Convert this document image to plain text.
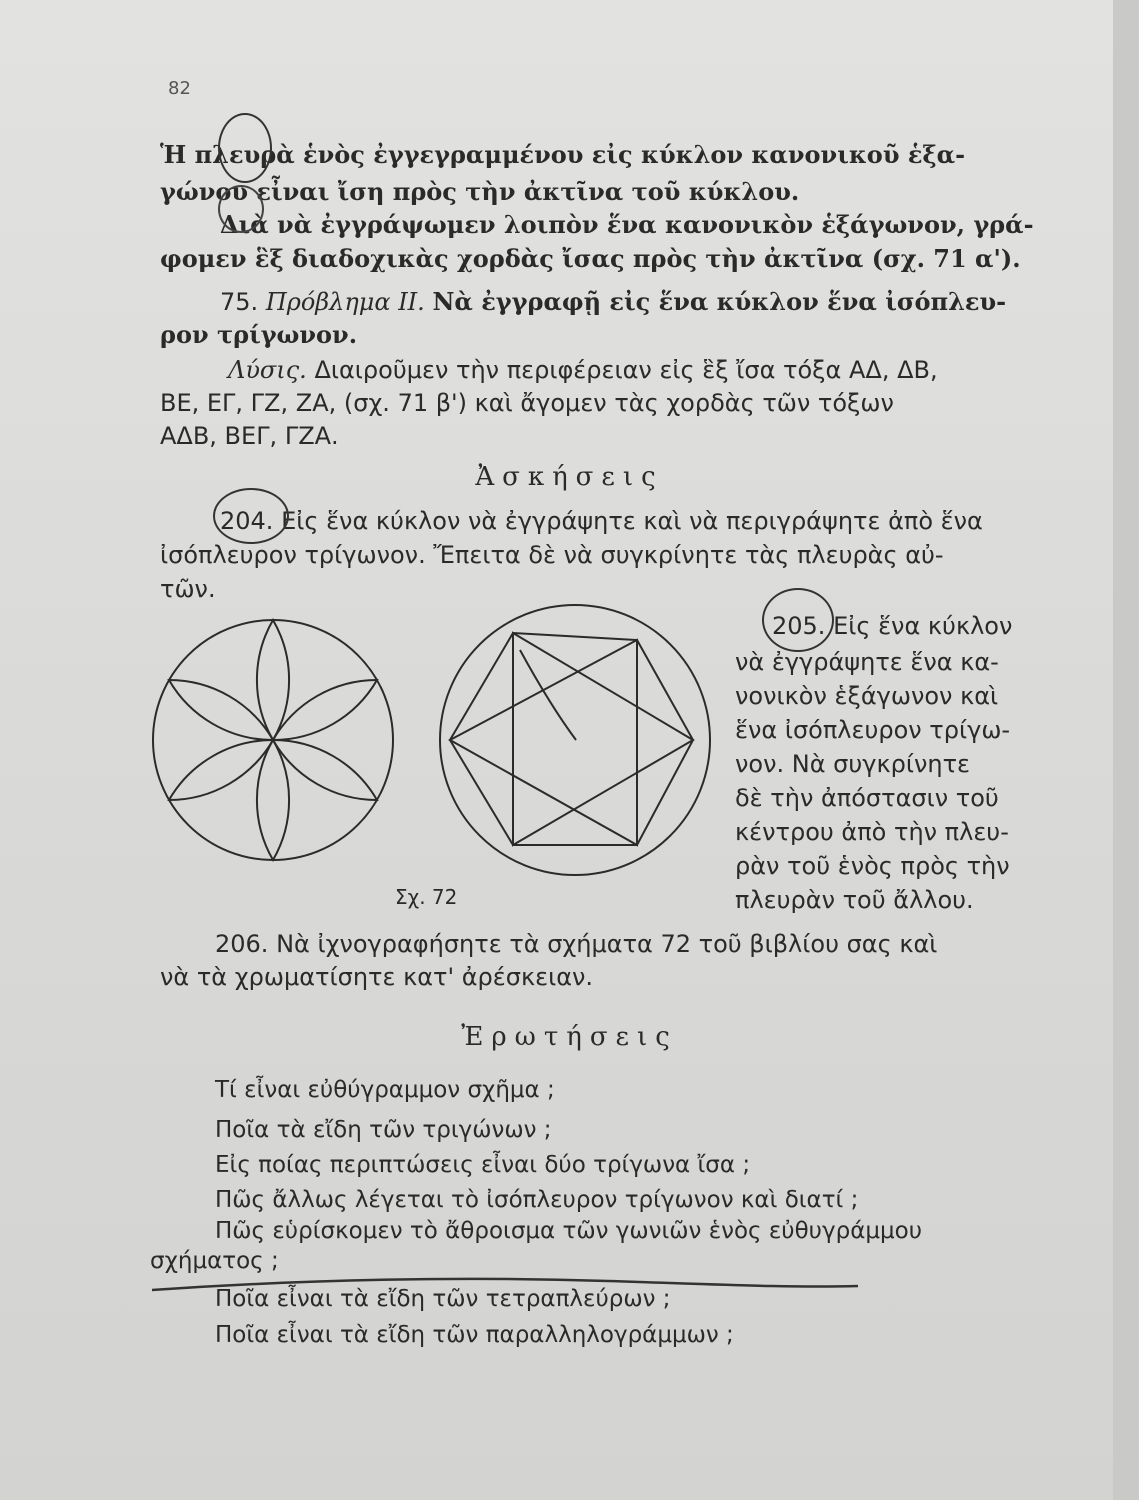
82
Ἡ πλευρὰ ἑνὸς ἐγγεγραμμένου εἰς κύκλον κανονικοῦ ἑξα-
γώνου εἶναι ἴση πρὸς τὴν ἀκτῖνα τοῦ κύκλου.
Διὰ νὰ ἐγγράψωμεν λοιπὸν ἕνα κανονικὸν ἑξάγωνον, γρά-
φομεν ἓξ διαδοχικὰς χορδὰς ἴσας πρὸς τὴν ἀκτῖνα (σχ. 71 α').
75. Πρόβλημα ΙΙ. Νὰ ἐγγραφῇ εἰς ἕνα κύκλον ἕνα ἰσόπλευ-
ρον τρίγωνον.
Λύσις. Διαιροῦμεν τὴν περιφέρειαν εἰς ἓξ ἴσα τόξα ΑΔ, ΔΒ,
ΒΕ, ΕΓ, ΓΖ, ΖΑ, (σχ. 71 β') καὶ ἄγομεν τὰς χορδὰς τῶν τόξων
ΑΔΒ, ΒΕΓ, ΓΖΑ.
Ἀσκήσεις
204. Εἰς ἕνα κύκλον νὰ ἐγγράψητε καὶ νὰ περιγράψητε ἀπὸ ἕνα
ἰσόπλευρον τρίγωνον. Ἔπειτα δὲ νὰ συγκρίνητε τὰς πλευρὰς αὐ-
τῶν.
205. Εἰς ἕνα κύκλον
νὰ ἐγγράψητε ἕνα κα-
νονικὸν ἑξάγωνον καὶ
ἕνα ἰσόπλευρον τρίγω-
νον. Νὰ συγκρίνητε
δὲ τὴν ἀπόστασιν τοῦ
κέντρου ἀπὸ τὴν πλευ-
ρὰν τοῦ ἑνὸς πρὸς τὴν
πλευρὰν τοῦ ἄλλου.
Σχ. 72
206. Νὰ ἰχνογραφήσητε τὰ σχήματα 72 τοῦ βιβλίου σας καὶ
νὰ τὰ χρωματίσητε κατ' ἀρέσκειαν.
Ἐρωτήσεις
Τί εἶναι εὐθύγραμμον σχῆμα ;
Ποῖα τὰ εἴδη τῶν τριγώνων ;
Εἰς ποίας περιπτώσεις εἶναι δύο τρίγωνα ἴσα ;
Πῶς ἄλλως λέγεται τὸ ἰσόπλευρον τρίγωνον καὶ διατί ;
Πῶς εὑρίσκομεν τὸ ἄθροισμα τῶν γωνιῶν ἑνὸς εὐθυγράμμου
σχήματος ;
Ποῖα εἶναι τὰ εἴδη τῶν τετραπλεύρων ;
Ποῖα εἶναι τὰ εἴδη τῶν παραλληλογράμμων ;
